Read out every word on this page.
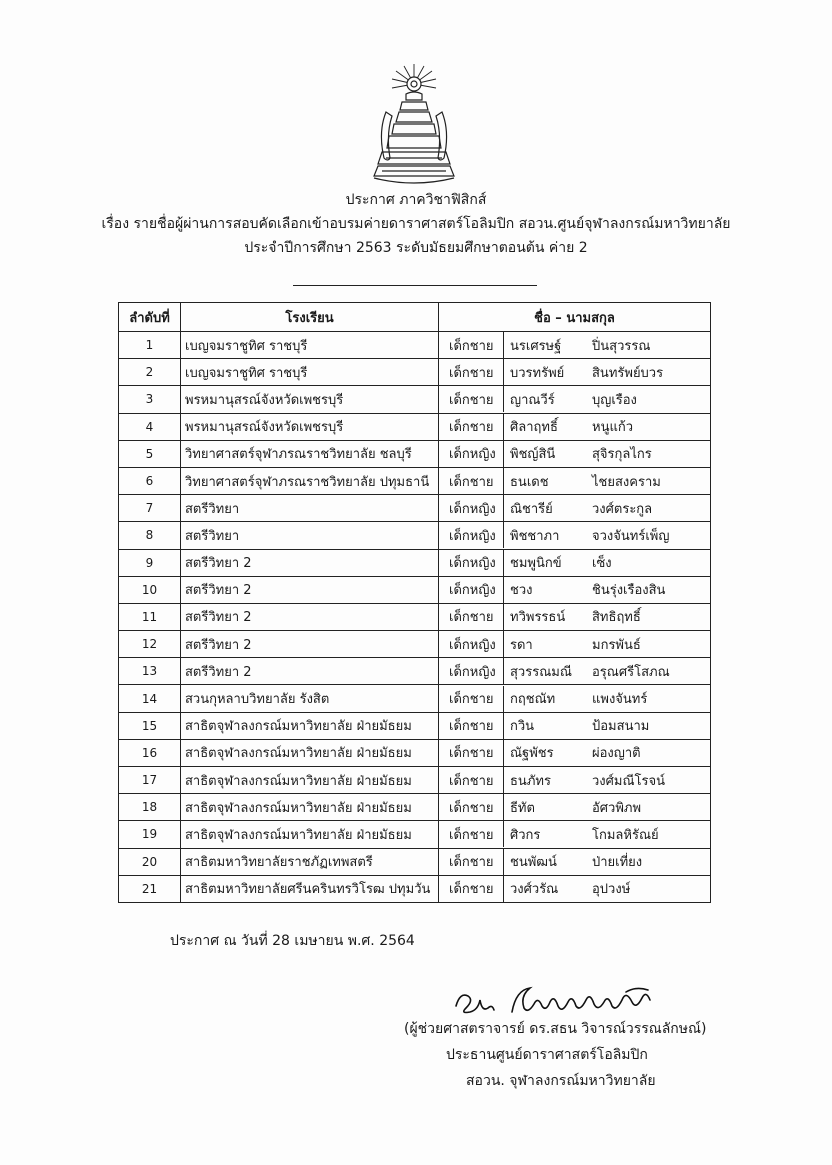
ประกาศ ภาควิชาฟิสิกส์
เรื่อง รายชื่อผู้ผ่านการสอบคัดเลือกเข้าอบรมค่ายดาราศาสตร์โอลิมปิก สอวน.ศูนย์จุฬาลงกรณ์มหาวิทยาลัย
ประจำปีการศึกษา 2563 ระดับมัธยมศึกษาตอนต้น ค่าย 2
ลำดับที่	โรงเรียน	ชื่อ – นามสกุล
1	เบญจมราชูทิศ ราชบุรี	เด็กชาย นรเศรษฐ์ ปิ่นสุวรรณ

2	เบญจมราชูทิศ ราชบุรี	เด็กชาย บวรทรัพย์ สินทรัพย์บวร

3	พรหมานุสรณ์จังหวัดเพชรบุรี	เด็กชาย ญาณวีร์ บุญเรือง

4	พรหมานุสรณ์จังหวัดเพชรบุรี	เด็กชาย ศิลาฤทธิ์ หนูแก้ว

5	วิทยาศาสตร์จุฬาภรณราชวิทยาลัย ชลบุรี	เด็กหญิง พิชญ์สินี สุจิรกุลไกร

6	วิทยาศาสตร์จุฬาภรณราชวิทยาลัย ปทุมธานี	เด็กชาย ธนเดช ไชยสงคราม

7	สตรีวิทยา	เด็กหญิง ณิชารีย์ วงศ์ตระกูล

8	สตรีวิทยา	เด็กหญิง พิชชาภา จวงจันทร์เพ็ญ

9	สตรีวิทยา 2	เด็กหญิง ชมพูนิกข์ เซ็ง

10	สตรีวิทยา 2	เด็กหญิง ชวง ชินรุ่งเรืองสิน

11	สตรีวิทยา 2	เด็กชาย ทวิพรรธน์ สิทธิฤทธิ์

12	สตรีวิทยา 2	เด็กหญิง รดา มกรพันธ์

13	สตรีวิทยา 2	เด็กหญิง สุวรรณมณี อรุณศรีโสภณ

14	สวนกุหลาบวิทยาลัย รังสิต	เด็กชาย กฤชณัท แพงจันทร์

15	สาธิตจุฬาลงกรณ์มหาวิทยาลัย ฝ่ายมัธยม	เด็กชาย กวิน ป้อมสนาม

16	สาธิตจุฬาลงกรณ์มหาวิทยาลัย ฝ่ายมัธยม	เด็กชาย ณัฐพัชร ผ่องญาติ

17	สาธิตจุฬาลงกรณ์มหาวิทยาลัย ฝ่ายมัธยม	เด็กชาย ธนภัทร วงศ์มณีโรจน์

18	สาธิตจุฬาลงกรณ์มหาวิทยาลัย ฝ่ายมัธยม	เด็กชาย ธีทัต อัศวพิภพ

19	สาธิตจุฬาลงกรณ์มหาวิทยาลัย ฝ่ายมัธยม	เด็กชาย ศิวกร โกมลหิรัณย์

20	สาธิตมหาวิทยาลัยราชภัฏเทพสตรี	เด็กชาย ชนพัฒน์ ป่ายเที่ยง

21	สาธิตมหาวิทยาลัยศรีนครินทรวิโรฒ ปทุมวัน	เด็กชาย วงศ์วรัณ อุปวงษ์
ประกาศ ณ วันที่ 28 เมษายน พ.ศ. 2564
(ผู้ช่วยศาสตราจารย์ ดร.สธน วิจารณ์วรรณลักษณ์)
ประธานศูนย์ดาราศาสตร์โอลิมปิก
สอวน. จุฬาลงกรณ์มหาวิทยาลัย
